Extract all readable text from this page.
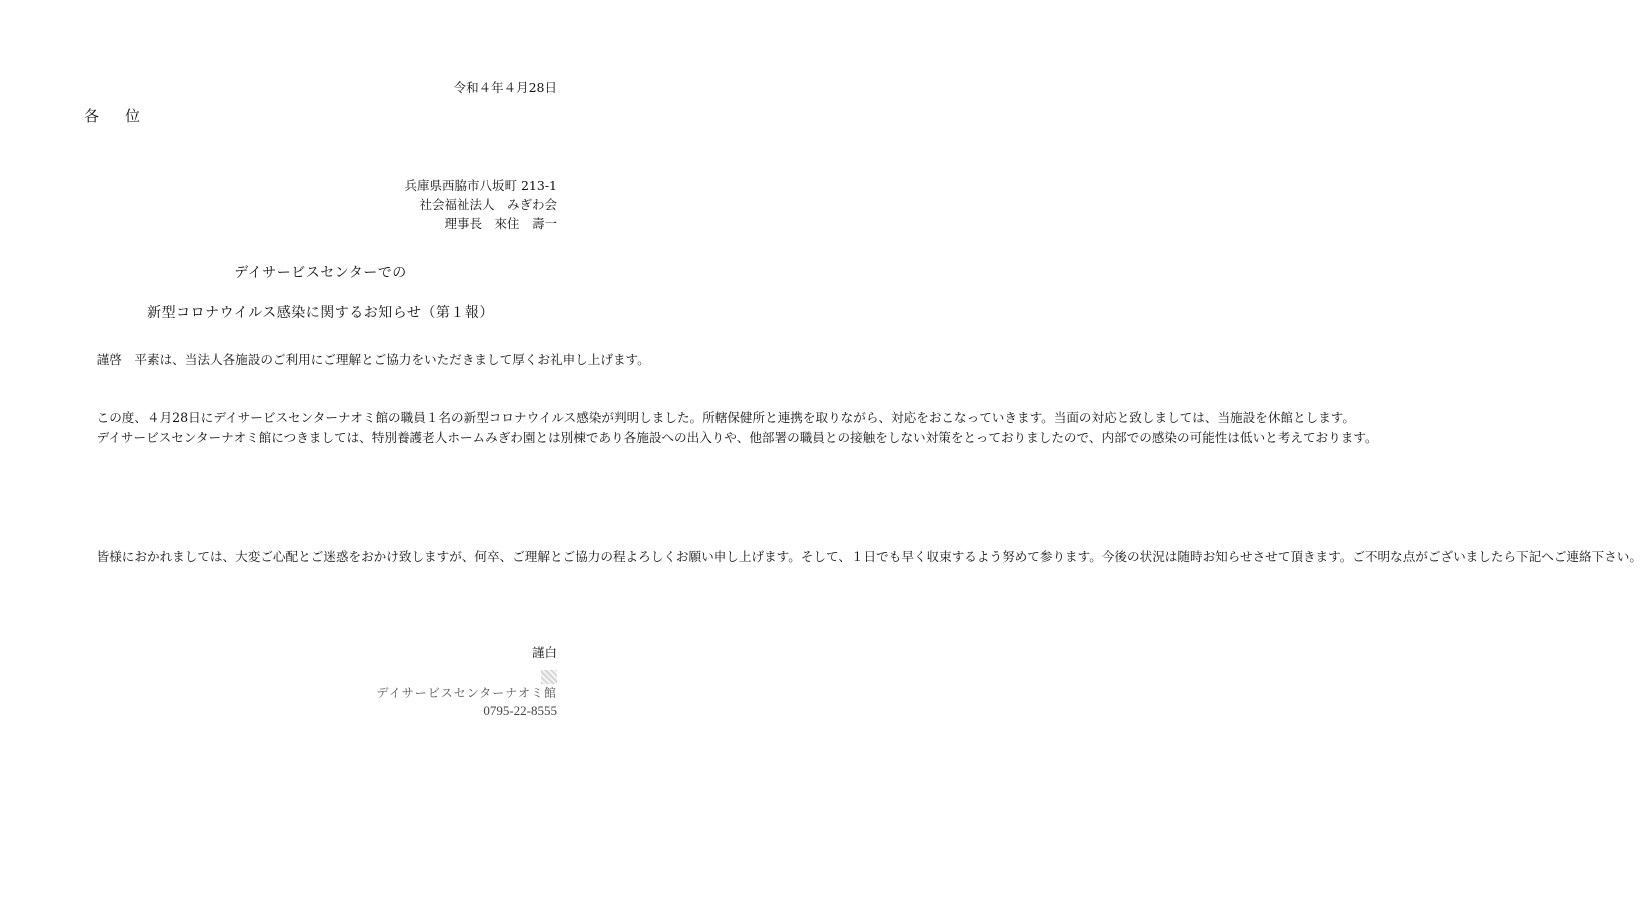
令和４年４月28日
各位
兵庫県西脇市八坂町 213-1
社会福祉法人　みぎわ会
理事長　來住　壽一
デイサービスセンターでの
新型コロナウイルス感染に関するお知らせ（第１報）

謹啓　平素は、当法人各施設のご利用にご理解とご協力をいただきまして厚くお礼申し上げます。

この度、４月28日にデイサービスセンターナオミ館の職員１名の新型コロナウイルス感染が判明しました。所轄保健所と連携を取りながら、対応をおこなっていきます。当面の対応と致しましては、当施設を休館とします。

デイサービスセンターナオミ館につきましては、特別養護老人ホームみぎわ園とは別棟であり各施設への出入りや、他部署の職員との接触をしない対策をとっておりましたので、内部での感染の可能性は低いと考えております。

皆様におかれましては、大変ご心配とご迷惑をおかけ致しますが、何卒、ご理解とご協力の程よろしくお願い申し上げます。そして、１日でも早く収束するよう努めて参ります。今後の状況は随時お知らせさせて頂きます。ご不明な点がございましたら下記へご連絡下さい。

謹白
デイサービスセンターナオミ館
0795-22-8555
